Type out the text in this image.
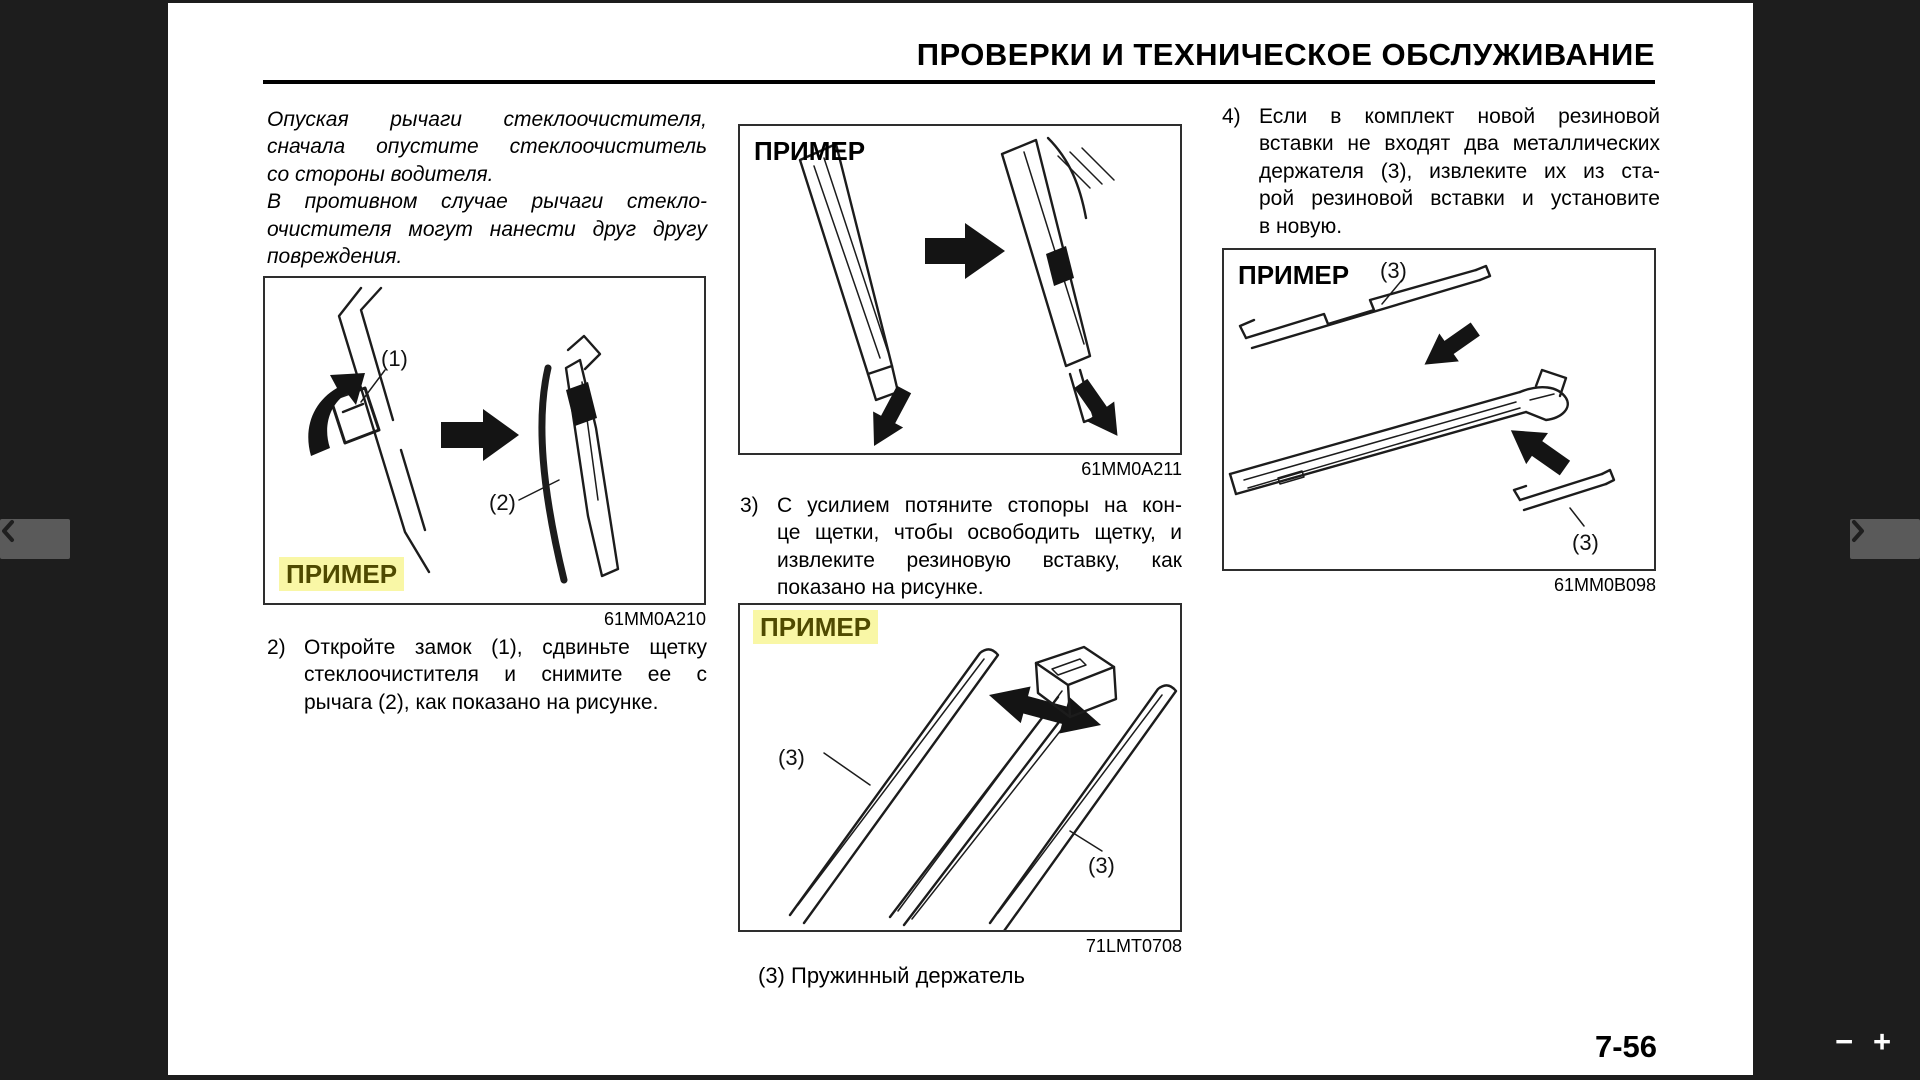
ПРОВЕРКИ И ТЕХНИЧЕСКОЕ ОБСЛУЖИВАНИЕ
Опуская рычаги стеклоочистителя,
сначала опустите стеклоочиститель
со стороны водителя.
В противном случае рычаги стекло-
очистителя могут нанести друг другу
повреждения.
(1)
(2)
ПРИМЕР
61MM0A210
2) Откройте замок (1), сдвиньте щетку
стеклоочистителя и снимите ее с
рычага (2), как показано на рисунке.
ПРИМЕР
61MM0A211
3) С усилием потяните стопоры на кон-
це щетки, чтобы освободить щетку, и
извлеките резиновую вставку, как
показано на рисунке.
(3)
(3)
ПРИМЕР
71LMT0708
(3) Пружинный держатель
4) Если в комплект новой резиновой
вставки не входят два металлических
держателя (3), извлеките их из ста-
рой резиновой вставки и установите
в новую.
(3)
(3)
ПРИМЕР
61MM0B098
7-56	− +
